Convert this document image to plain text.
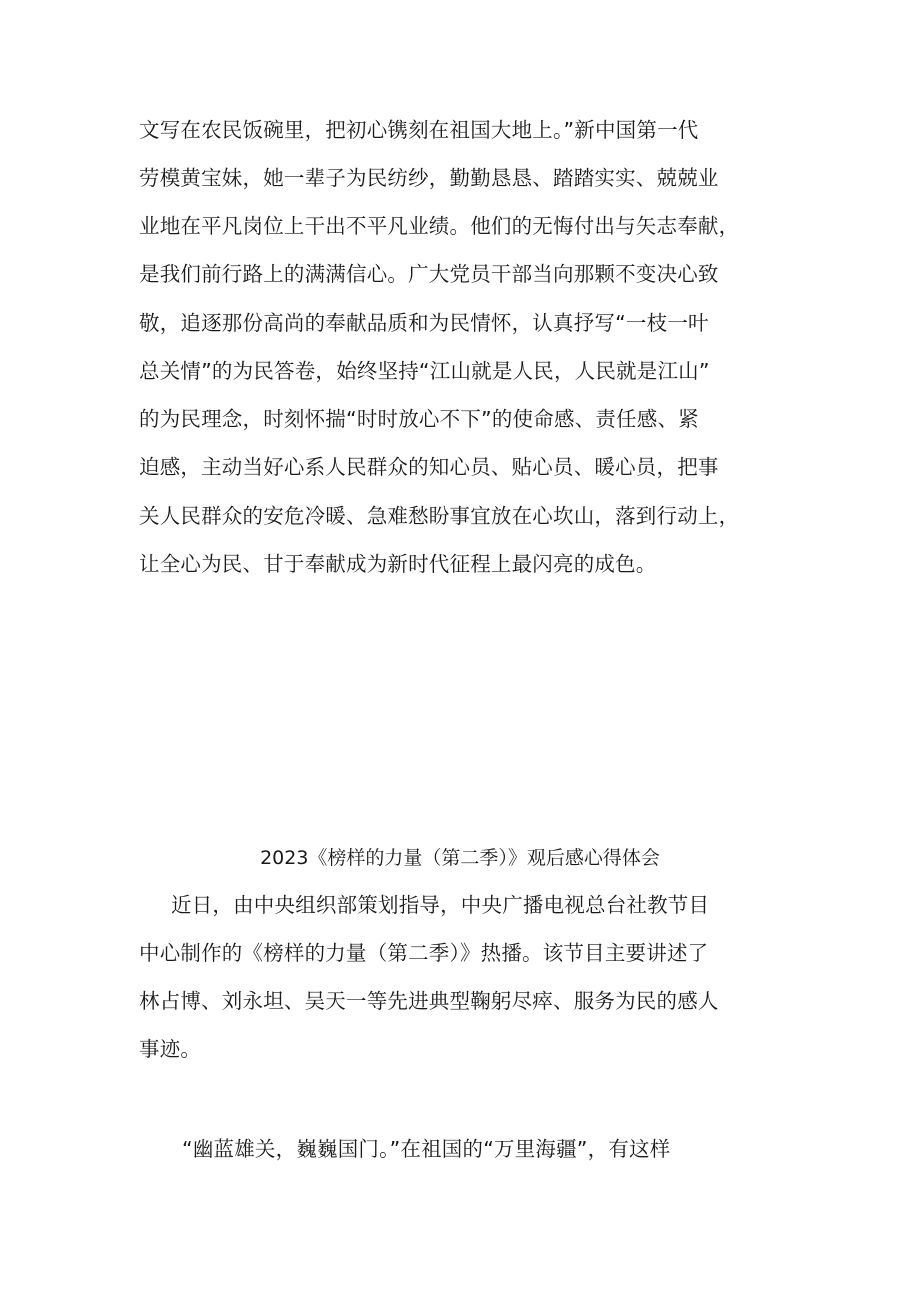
文写在农民饭碗里，把初心镌刻在祖国大地上。”新中国第一代
劳模黄宝妹，她一辈子为民纺纱，勤勤恳恳、踏踏实实、兢兢业
业地在平凡岗位上干出不平凡业绩。他们的无悔付出与矢志奉献，
是我们前行路上的满满信心。广大党员干部当向那颗不变决心致
敬，追逐那份高尚的奉献品质和为民情怀，认真抒写“一枝一叶
总关情”的为民答卷，始终坚持“江山就是人民，人民就是江山”
的为民理念，时刻怀揣“时时放心不下”的使命感、责任感、紧
迫感，主动当好心系人民群众的知心员、贴心员、暖心员，把事
关人民群众的安危冷暖、急难愁盼事宜放在心坎山，落到行动上，
让全心为民、甘于奉献成为新时代征程上最闪亮的成色。
2023《榜样的力量（第二季）》观后感心得体会
近日，由中央组织部策划指导，中央广播电视总台社教节目
中心制作的《榜样的力量（第二季）》热播。该节目主要讲述了
林占博、刘永坦、吴天一等先进典型鞠躬尽瘁、服务为民的感人
事迹。
“幽蓝雄关，巍巍国门。”在祖国的“万里海疆”，有这样
